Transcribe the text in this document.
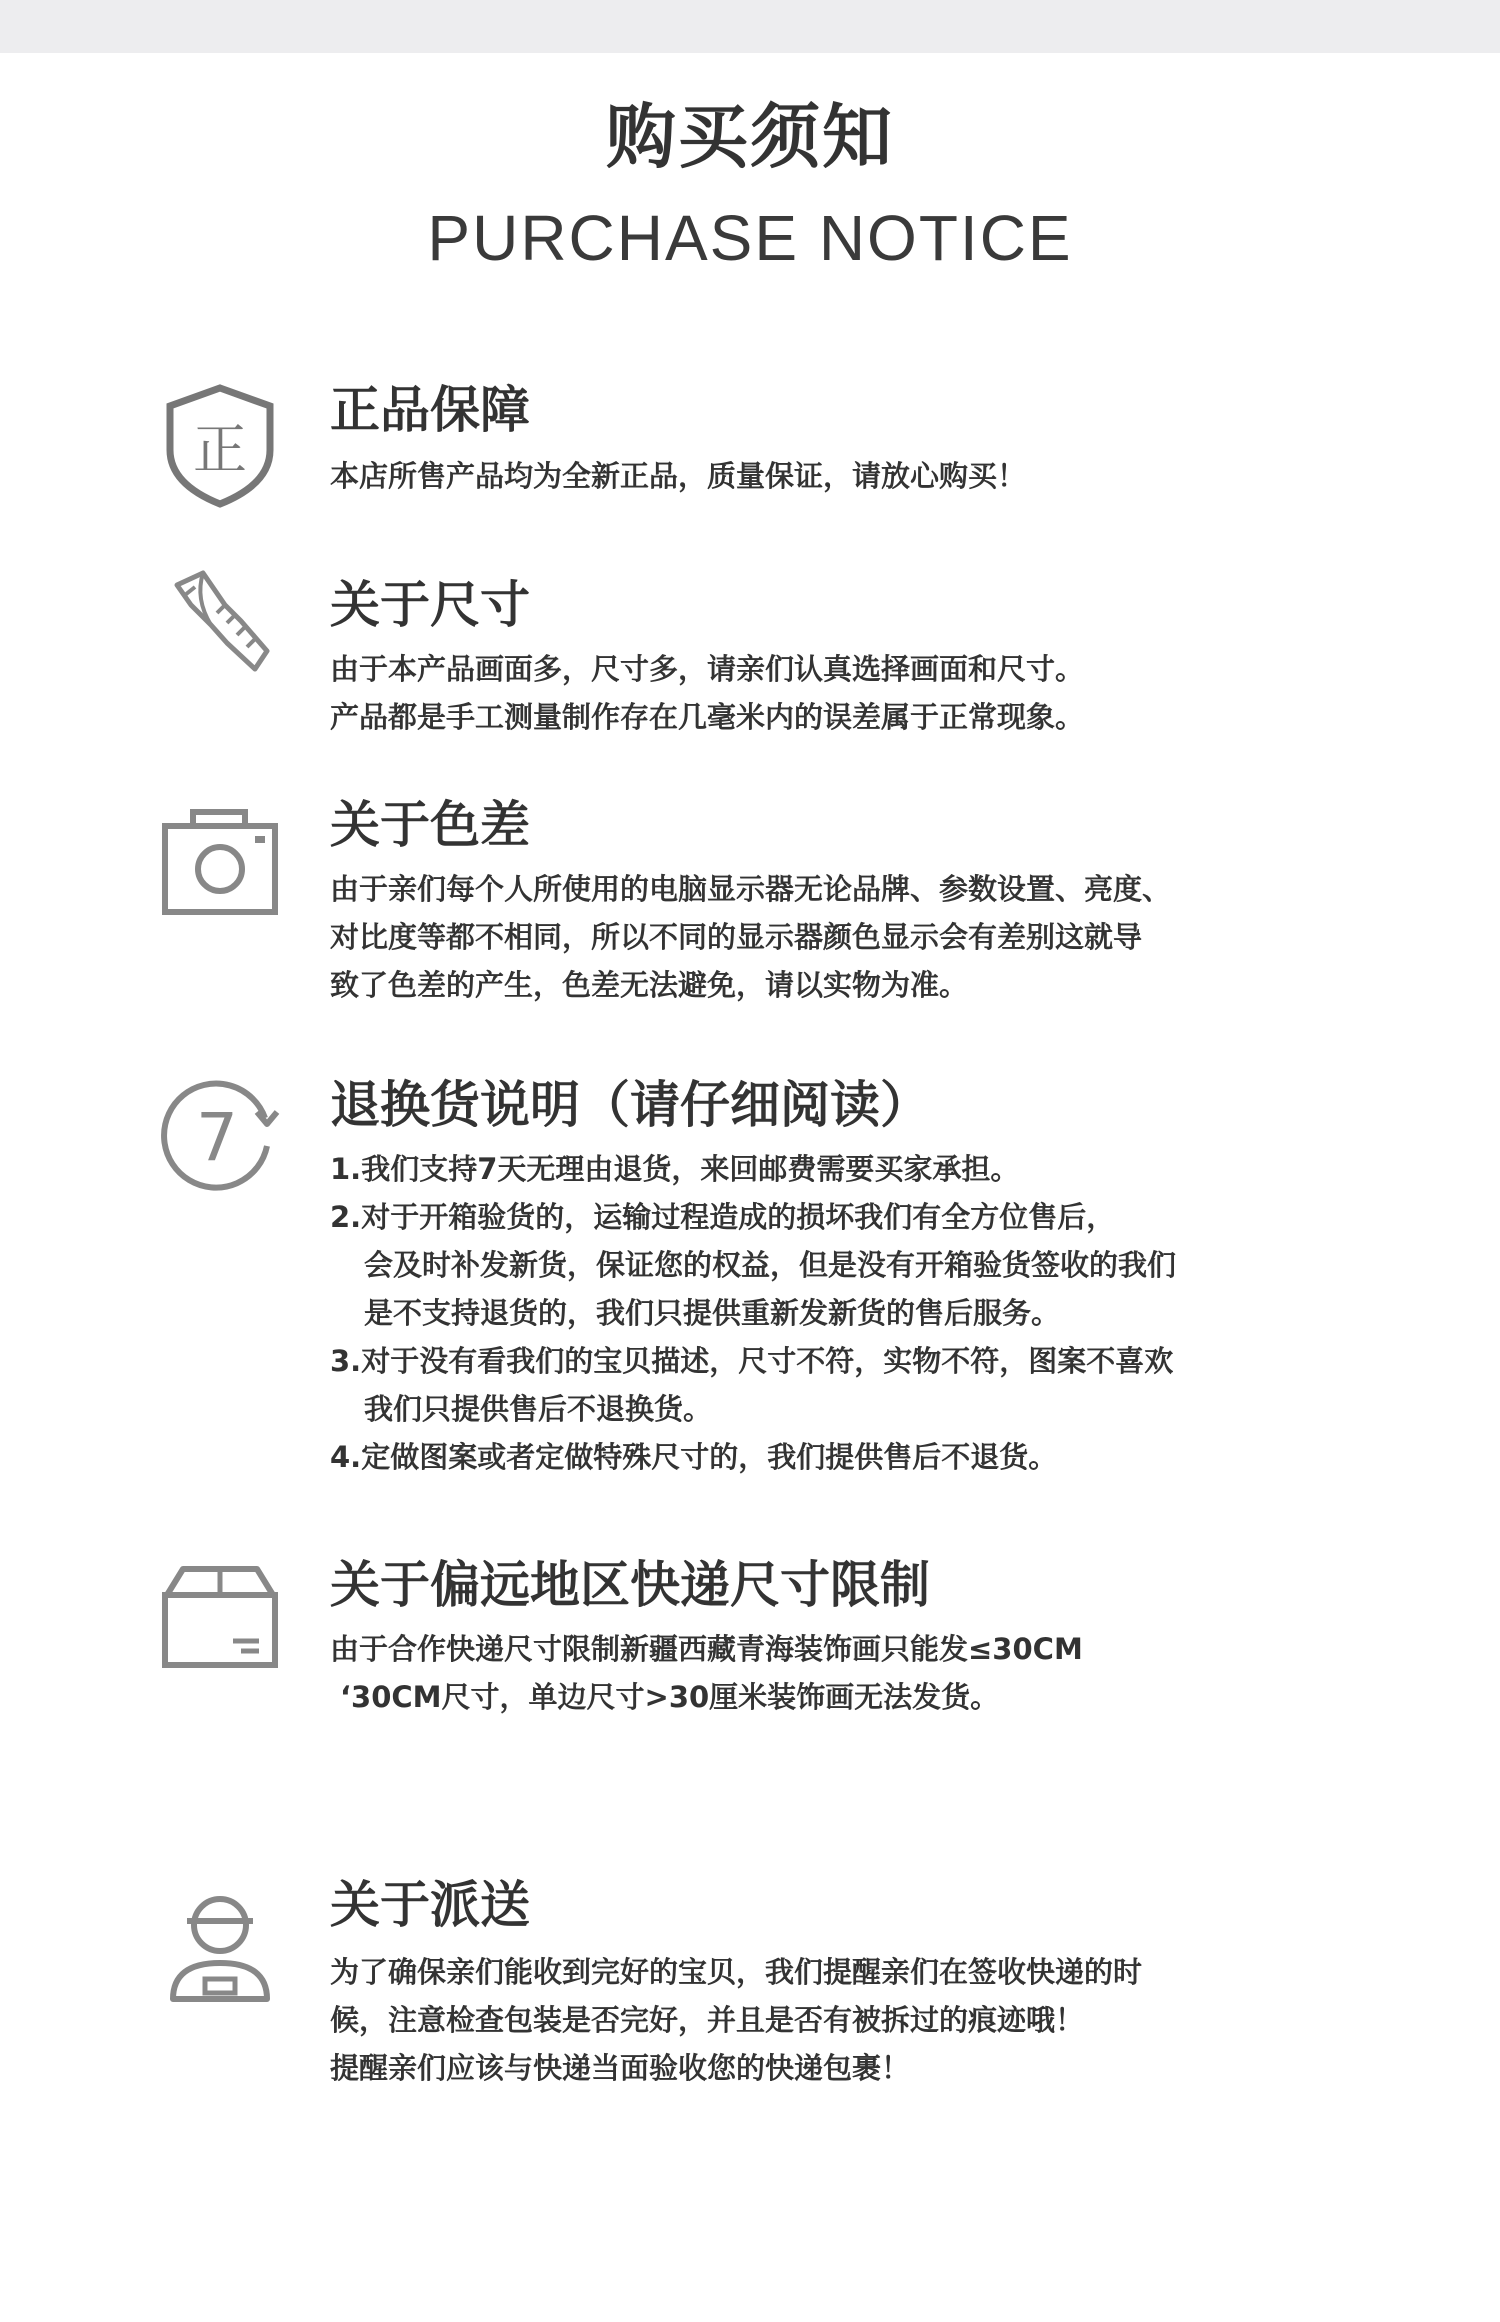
购买须知
PURCHASE NOTICE
正
正品保障
本店所售产品均为全新正品，质量保证，请放心购买！
关于尺寸
由于本产品画面多，尺寸多，请亲们认真选择画面和尺寸。
产品都是手工测量制作存在几毫米内的误差属于正常现象。
关于色差
由于亲们每个人所使用的电脑显示器无论品牌、参数设置、亮度、
对比度等都不相同，所以不同的显示器颜色显示会有差别这就导
致了色差的产生，色差无法避免，请以实物为准。
7 退换货说明（请仔细阅读）
1.我们支持7天无理由退货，来回邮费需要买家承担。
2.对于开箱验货的，运输过程造成的损坏我们有全方位售后，
会及时补发新货，保证您的权益，但是没有开箱验货签收的我们
是不支持退货的，我们只提供重新发新货的售后服务。
3.对于没有看我们的宝贝描述，尺寸不符，实物不符，图案不喜欢
我们只提供售后不退换货。
4.定做图案或者定做特殊尺寸的，我们提供售后不退货。
关于偏远地区快递尺寸限制
由于合作快递尺寸限制新疆西藏青海装饰画只能发≤30CM
‘30CM尺寸，单边尺寸>30厘米装饰画无法发货。
关于派送
为了确保亲们能收到完好的宝贝，我们提醒亲们在签收快递的时
候，注意检查包装是否完好，并且是否有被拆过的痕迹哦！
提醒亲们应该与快递当面验收您的快递包裹！
